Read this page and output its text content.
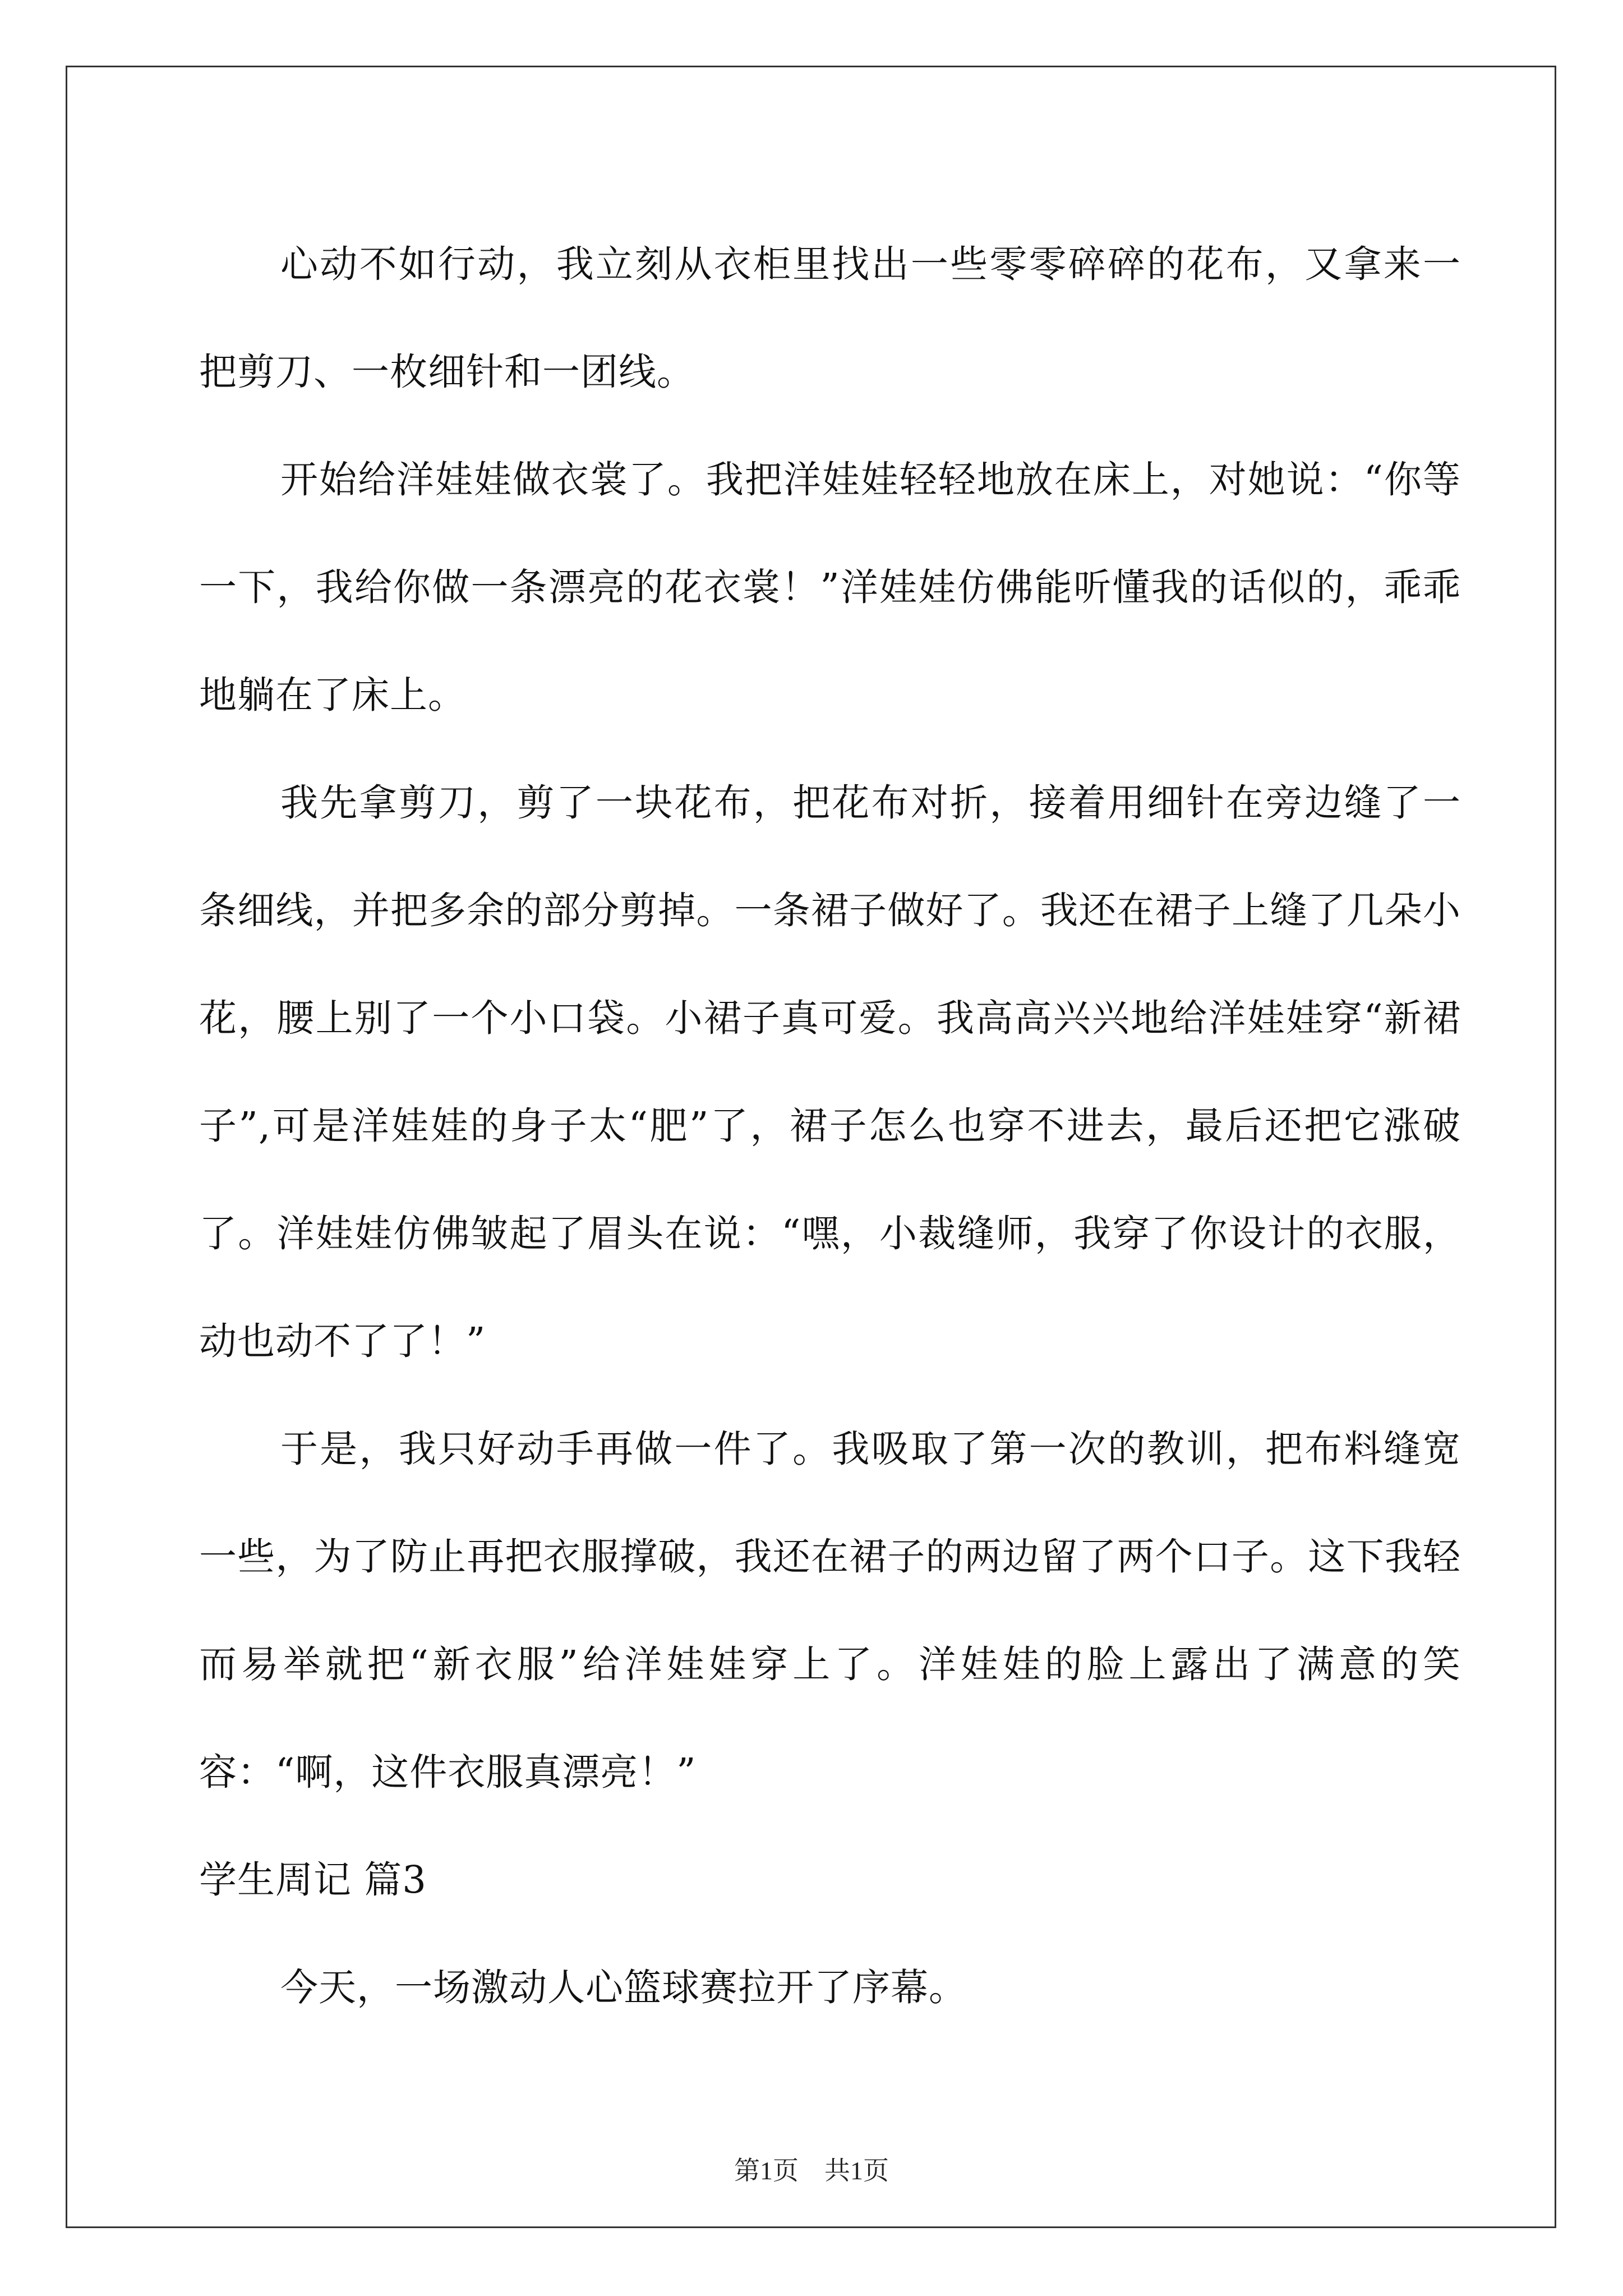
心动不如行动，我立刻从衣柜里找出一些零零碎碎的花布，又拿来一把剪刀、一枚细针和一团线。

开始给洋娃娃做衣裳了。我把洋娃娃轻轻地放在床上，对她说：“你等一下，我给你做一条漂亮的花衣裳！”洋娃娃仿佛能听懂我的话似的，乖乖地躺在了床上。

我先拿剪刀，剪了一块花布，把花布对折，接着用细针在旁边缝了一条细线，并把多余的部分剪掉。一条裙子做好了。我还在裙子上缝了几朵小花，腰上别了一个小口袋。小裙子真可爱。我高高兴兴地给洋娃娃穿“新裙子”,可是洋娃娃的身子太“肥”了，裙子怎么也穿不进去，最后还把它涨破了。洋娃娃仿佛皱起了眉头在说：“嘿，小裁缝师，我穿了你设计的衣服，动也动不了了！”

于是，我只好动手再做一件了。我吸取了第一次的教训，把布料缝宽一些，为了防止再把衣服撑破，我还在裙子的两边留了两个口子。这下我轻而易举就把“新衣服”给洋娃娃穿上了。洋娃娃的脸上露出了满意的笑容：“啊，这件衣服真漂亮！”

学生周记 篇3

今天，一场激动人心篮球赛拉开了序幕。

第1页　共1页
